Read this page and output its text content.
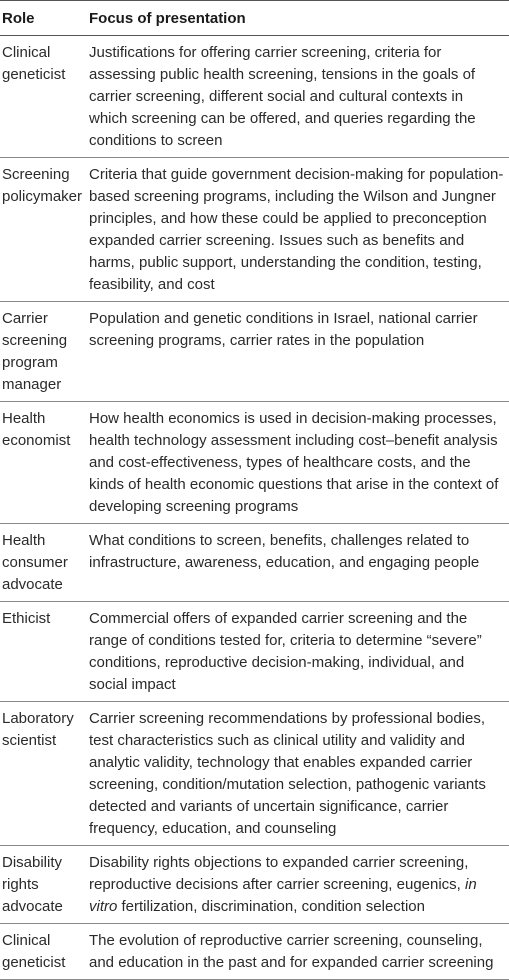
Role	Focus of presentation
Clinical geneticist	Justifications for offering carrier screening, criteria for assessing public health screening, tensions in the goals of carrier screening, different social and cultural contexts in which screening can be offered, and queries regarding the conditions to screen
Screening policymaker	Criteria that guide government decision-making for population-based screening programs, including the Wilson and Jungner principles, and how these could be applied to preconception expanded carrier screening. Issues such as benefits and harms, public support, understanding the condition, testing, feasibility, and cost
Carrier screening program manager	Population and genetic conditions in Israel, national carrier screening programs, carrier rates in the population
Health economist	How health economics is used in decision-making processes, health technology assessment including cost–benefit analysis and cost-effectiveness, types of healthcare costs, and the kinds of health economic questions that arise in the context of developing screening programs
Health consumer advocate	What conditions to screen, benefits, challenges related to infrastructure, awareness, education, and engaging people
Ethicist	Commercial offers of expanded carrier screening and the range of conditions tested for, criteria to determine “severe” conditions, reproductive decision-making, individual, and social impact
Laboratory scientist	Carrier screening recommendations by professional bodies, test characteristics such as clinical utility and validity and analytic validity, technology that enables expanded carrier screening, condition/mutation selection, pathogenic variants detected and variants of uncertain significance, carrier frequency, education, and counseling
Disability rights advocate	Disability rights objections to expanded carrier screening, reproductive decisions after carrier screening, eugenics, in vitro fertilization, discrimination, condition selection
Clinical geneticist	The evolution of reproductive carrier screening, counseling, and education in the past and for expanded carrier screening
